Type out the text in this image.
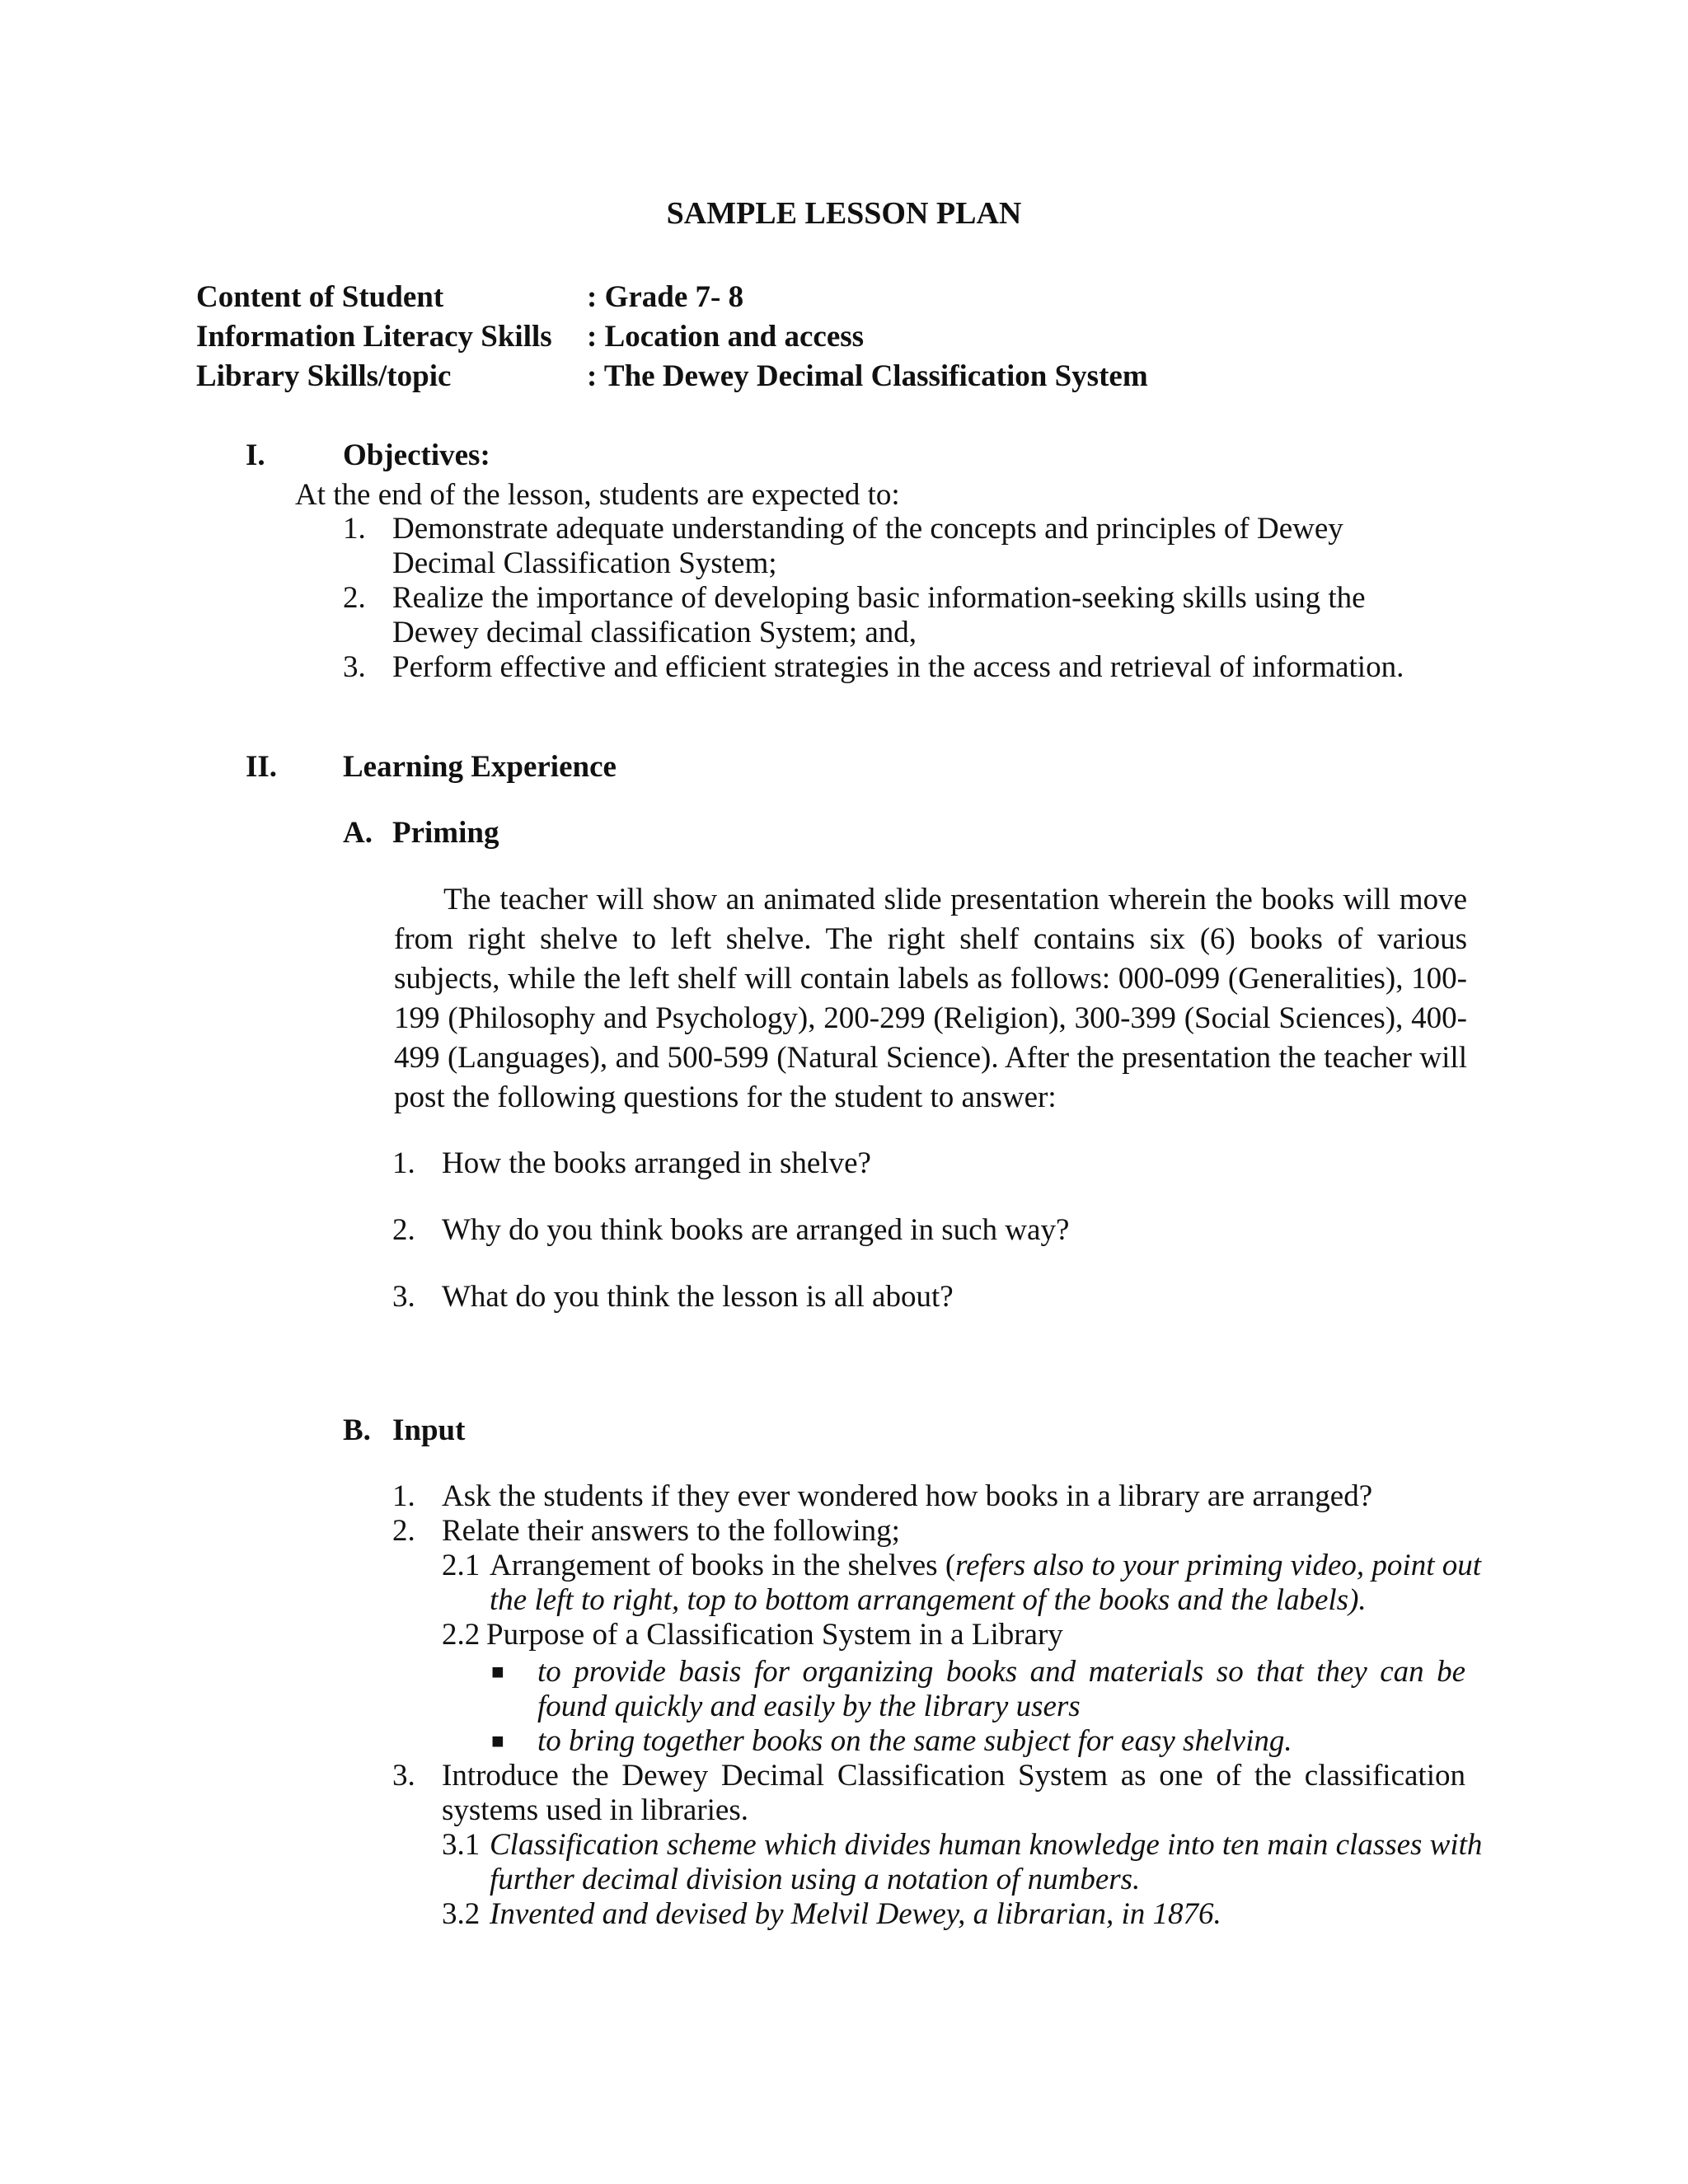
SAMPLE LESSON PLAN
Content of Student	: Grade 7- 8
Information Literacy Skills : Location and access
Library Skills/topic	: The Dewey Decimal Classification System
I.	Objectives:
At the end of the lesson, students are expected to:
1. Demonstrate adequate understanding of the concepts and principles of Dewey
Decimal Classification System;
2. Realize the importance of developing basic information-seeking skills using the
Dewey decimal classification System; and,
3. Perform effective and efficient strategies in the access and retrieval of information.
II. Learning Experience
A. Priming

The teacher will show an animated slide presentation wherein the books will move from right shelve to left shelve. The right shelf contains six (6) books of various subjects, while the left shelf will contain labels as follows: 000-099 (Generalities), 100-199 (Philosophy and Psychology), 200-299 (Religion), 300-399 (Social Sciences), 400-499 (Languages), and 500-599 (Natural Science). After the presentation the teacher will post the following questions for the student to answer:

1. How the books arranged in shelve?
2. Why do you think books are arranged in such way?
3. What do you think the lesson is all about?
B. Input
1. Ask the students if they ever wondered how books in a library are arranged?
2. Relate their answers to the following;
2.1 Arrangement of books in the shelves (refers also to your priming video, point out
the left to right, top to bottom arrangement of the books and the labels).
2.2 Purpose of a Classification System in a Library
■ to provide basis for organizing books and materials so that they can be
found quickly and easily by the library users
■ to bring together books on the same subject for easy shelving.
3. Introduce the Dewey Decimal Classification System as one of the classification
systems used in libraries.
3.1 Classification scheme which divides human knowledge into ten main classes with
further decimal division using a notation of numbers.
3.2 Invented and devised by Melvil Dewey, a librarian, in 1876.
